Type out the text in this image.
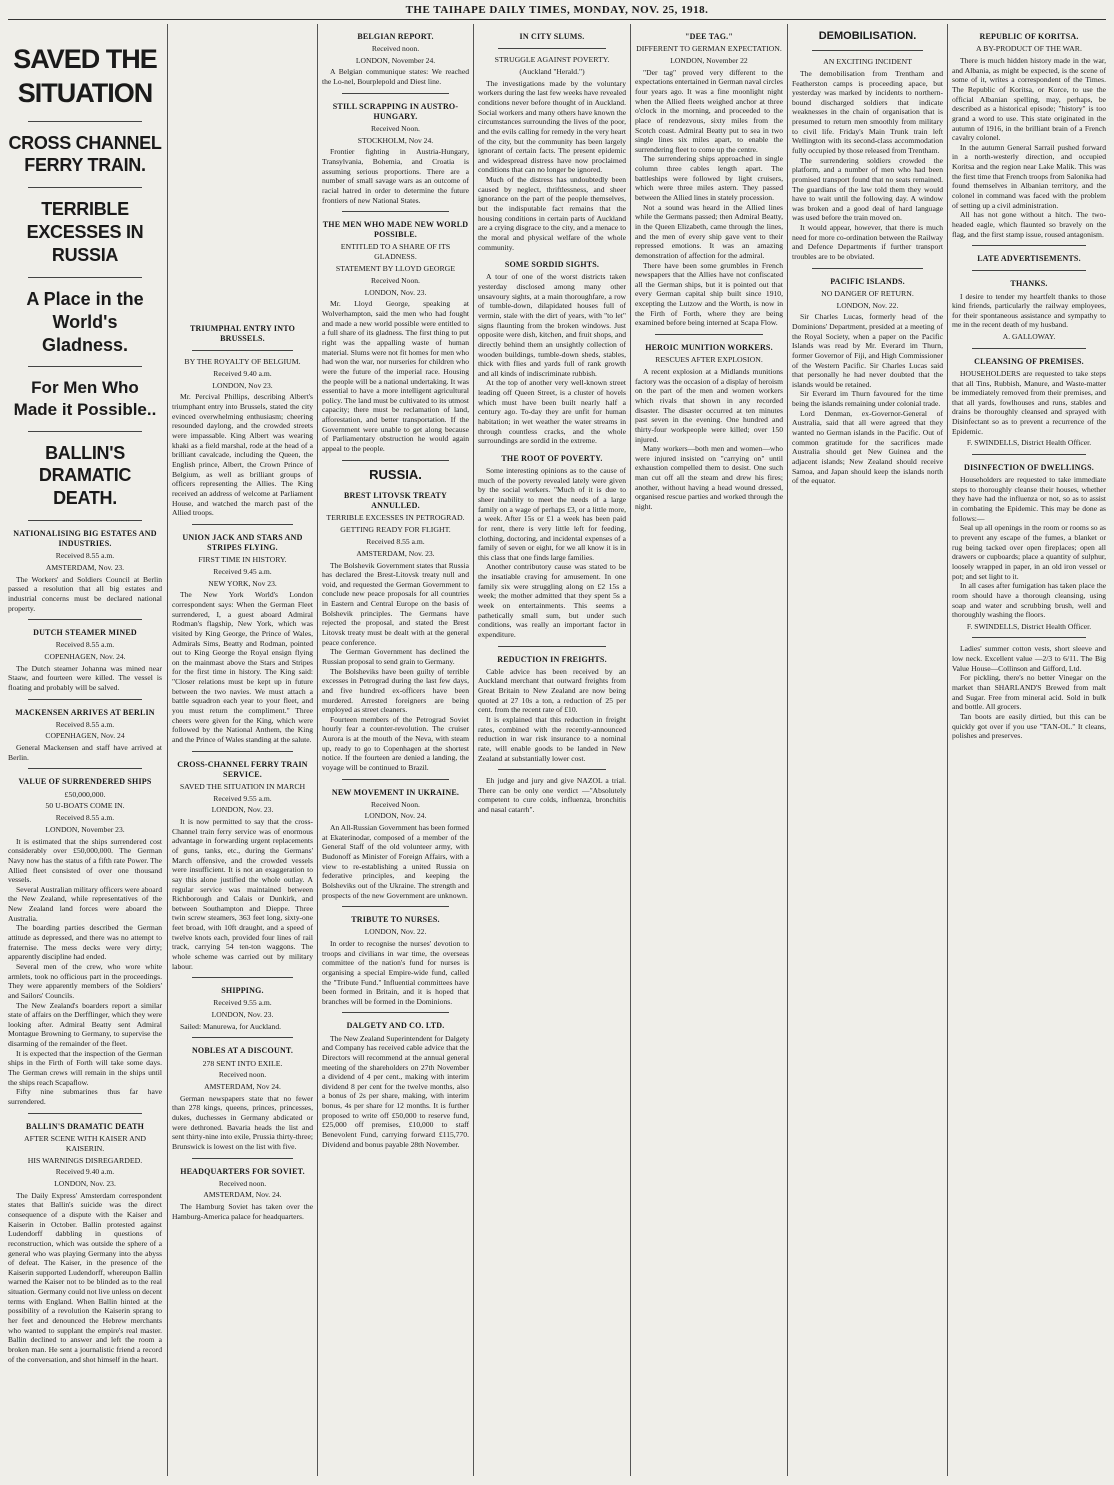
THE TAIHAPE DAILY TIMES, MONDAY, NOV. 25, 1918.
SAVED THE SITUATION
CROSS CHANNEL FERRY TRAIN.
TERRIBLE EXCESSES IN RUSSIA
A Place in the World's Gladness.
For Men Who Made it Possible..
BALLIN'S DRAMATIC DEATH.
NATIONALISING BIG ESTATES AND INDUSTRIES.
Received 8.55 a.m.
AMSTERDAM, Nov. 23.

The Workers' and Soldiers Council at Berlin passed a resolution that all big estates and industrial concerns must be declared national property.

DUTCH STEAMER MINED
Received 8.55 a.m.
COPENHAGEN, Nov. 24.

The Dutch steamer Johanna was mined near Staaw, and fourteen were killed. The vessel is floating and probably will be salved.

MACKENSEN ARRIVES AT BERLIN
Received 8.55 a.m.
COPENHAGEN, Nov. 24

General Mackensen and staff have arrived at Berlin.

VALUE OF SURRENDERED SHIPS
£50,000,000.
50 U-BOATS COME IN.
Received 8.55 a.m.
LONDON, November 23.

It is estimated that the ships surrendered cost considerably over £50,000,000. The German Navy now has the status of a fifth rate Power. The Allied fleet consisted of over one thousand vessels.

Several Australian military officers were aboard the New Zealand, while representatives of the New Zealand land forces were aboard the Australia.

The boarding parties described the German attitude as depressed, and there was no attempt to fraternise. The mess decks were very dirty; apparently discipline had ended.

Several men of the crew, who wore white armlets, took no officious part in the proceedings. They were apparently members of the Soldiers' and Sailors' Councils.

The New Zealand's boarders report a similar state of affairs on the Derfflinger, which they were looking after. Admiral Beatty sent Admiral Montague Browning to Germany, to supervise the disarming of the remainder of the fleet.

It is expected that the inspection of the German ships in the Firth of Forth will take some days. The German crews will remain in the ships until the ships reach Scapaflow.

Fifty nine submarines thus far have surrendered.

BALLIN'S DRAMATIC DEATH
AFTER SCENE WITH KAISER AND KAISERIN.
HIS WARNINGS DISREGARDED.
Received 9.40 a.m.
LONDON, Nov. 23.

The Daily Express' Amsterdam correspondent states that Ballin's suicide was the direct consequence of a dispute with the Kaiser and Kaiserin in October. Ballin protested against Ludendorff dabbling in questions of reconstruction, which was outside the sphere of a general who was playing Germany into the abyss of defeat. The Kaiser, in the presence of the Kaiserin supported Ludendorff, whereupon Ballin warned the Kaiser not to be blinded as to the real situation. Germany could not live unless on decent terms with England. When Ballin hinted at the possibility of a revolution the Kaiserin sprang to her feet and denounced the Hebrew merchants who wanted to supplant the empire's real master. Ballin declined to answer and left the room a broken man. He sent a journalistic friend a record of the conversation, and shot himself in the heart.

TRIUMPHAL ENTRY INTO BRUSSELS.
BY THE ROYALTY OF BELGIUM.
Received 9.40 a.m.
LONDON, Nov 23.

Mr. Percival Phillips, describing Albert's triumphant entry into Brussels, stated the city evinced overwhelming enthusiasm; cheering resounded daylong, and the crowded streets were impassable. King Albert was wearing khaki as a field marshal, rode at the head of a brilliant cavalcade, including the Queen, the English prince, Albert, the Crown Prince of Belgium, as well as brilliant groups of officers representing the Allies. The King received an address of welcome at Parliament House, and watched the march past of the Allied troops.

UNION JACK AND STARS AND STRIPES FLYING.
FIRST TIME IN HISTORY.
Received 9.45 a.m.
NEW YORK, Nov 23.

The New York World's London correspondent says: When the German Fleet surrendered, I, a guest aboard Admiral Rodman's flagship, New York, which was visited by King George, the Prince of Wales, Admirals Sims, Beatty and Rodman, pointed out to King George the Royal ensign flying on the mainmast above the Stars and Stripes for the first time in history. The King said: "Closer relations must be kept up in future between the two navies. We must attach a battle squadron each year to your fleet, and you must return the compliment." Three cheers were given for the King, which were followed by the National Anthem, the King and the Prince of Wales standing at the salute.

CROSS-CHANNEL FERRY TRAIN SERVICE.
SAVED THE SITUATION IN MARCH
Received 9.55 a.m.
LONDON, Nov. 23.

It is now permitted to say that the cross-Channel train ferry service was of enormous advantage in forwarding urgent replacements of guns, tanks, etc., during the Germans' March offensive, and the crowded vessels were insufficient. It is not an exaggeration to say this alone justified the whole outlay. A regular service was maintained between Richborough and Calais or Dunkirk, and between Southampton and Dieppe. Three twin screw steamers, 363 feet long, sixty-one feet broad, with 10ft draught, and a speed of twelve knots each, provided four lines of rail track, carrying 54 ten-ton waggons. The whole scheme was carried out by military labour.

SHIPPING.
Received 9.55 a.m.
LONDON, Nov. 23.

Sailed: Manurewa, for Auckland.

NOBLES AT A DISCOUNT.
278 SENT INTO EXILE.
Received noon.
AMSTERDAM, Nov 24.

German newspapers state that no fewer than 278 kings, queens, princes, princesses, dukes, duchesses in Germany abdicated or were dethroned. Bavaria heads the list and sent thirty-nine into exile, Prussia thirty-three; Brunswick is lowest on the list with five.

HEADQUARTERS FOR SOVIET.
Received noon.
AMSTERDAM, Nov. 24.

The Hamburg Soviet has taken over the Hamburg-America palace for headquarters.

BELGIAN REPORT.
Received noon.
LONDON, November 24.

A Belgian communique states: We reached the Lo-nel, Bourplepold and Diest line.

STILL SCRAPPING IN AUSTRO-HUNGARY.
Received Noon.
STOCKHOLM, Nov 24.

Frontier fighting in Austria-Hungary, Transylvania, Bohemia, and Croatia is assuming serious proportions. There are a number of small savage wars as an outcome of racial hatred in order to determine the future frontiers of new National States.

THE MEN WHO MADE NEW WORLD POSSIBLE.
ENTITLED TO A SHARE OF ITS GLADNESS.
STATEMENT BY LLOYD GEORGE
Received Noon.
LONDON, Nov. 23.

Mr. Lloyd George, speaking at Wolverhampton, said the men who had fought and made a new world possible were entitled to a full share of its gladness. The first thing to put right was the appalling waste of human material. Slums were not fit homes for men who had won the war, nor nurseries for children who were the future of the imperial race. Housing the people will be a national undertaking. It was essential to have a more intelligent agricultural policy. The land must be cultivated to its utmost capacity; there must be reclamation of land, afforestation, and better transportation. If the Government were unable to get along because of Parliamentary obstruction he would again appeal to the people.

RUSSIA.
BREST LITOVSK TREATY ANNULLED.
TERRIBLE EXCESSES IN PETROGRAD.
GETTING READY FOR FLIGHT.
Received 8.55 a.m.
AMSTERDAM, Nov. 23.

The Bolshevik Government states that Russia has declared the Brest-Litovsk treaty null and void, and requested the German Government to conclude new peace proposals for all countries in Eastern and Central Europe on the basis of Bolshevik principles. The Germans have rejected the proposal, and stated the Brest Litovsk treaty must be dealt with at the general peace conference.

The German Government has declined the Russian proposal to send grain to Germany.

The Bolsheviks have been guilty of terrible excesses in Petrograd during the last few days, and five hundred ex-officers have been murdered. Arrested foreigners are being employed as street cleaners.

Fourteen members of the Petrograd Soviet hourly fear a counter-revolution. The cruiser Aurora is at the mouth of the Neva, with steam up, ready to go to Copenhagen at the shortest notice. If the fourteen are denied a landing, the voyage will be continued to Brazil.

NEW MOVEMENT IN UKRAINE.
Received Noon.
LONDON, Nov. 24.

An All-Russian Government has been formed at Ekaterinodar, composed of a member of the General Staff of the old volunteer army, with Budonoff as Minister of Foreign Affairs, with a view to re-establishing a united Russia on federative principles, and keeping the Bolsheviks out of the Ukraine. The strength and prospects of the new Government are unknown.

TRIBUTE TO NURSES.
LONDON, Nov. 22.

In order to recognise the nurses' devotion to troops and civilians in war time, the overseas committee of the nation's fund for nurses is organising a special Empire-wide fund, called the "Tribute Fund." Influential committees have been formed in Britain, and it is hoped that branches will be formed in the Dominions.

DALGETY AND CO. LTD.

The New Zealand Superintendent for Dalgety and Company has received cable advice that the Directors will recommend at the annual general meeting of the shareholders on 27th November a dividend of 4 per cent., making with interim dividend 8 per cent for the twelve months, also a bonus of 2s per share, making, with interim bonus, 4s per share for 12 months. It is further proposed to write off £50,000 to reserve fund, £25,000 off premises, £10,000 to staff Benevolent Fund, carrying forward £115,770. Dividend and bonus payable 28th November.

IN CITY SLUMS.
STRUGGLE AGAINST POVERTY.
(Auckland "Herald.")

The investigations made by the voluntary workers during the last few weeks have revealed conditions never before thought of in Auckland. Social workers and many others have known the circumstances surrounding the lives of the poor, and the evils calling for remedy in the very heart of the city, but the community has been largely ignorant of certain facts. The present epidemic and widespread distress have now proclaimed conditions that can no longer be ignored.

Much of the distress has undoubtedly been caused by neglect, thriftlessness, and sheer ignorance on the part of the people themselves, but the indisputable fact remains that the housing conditions in certain parts of Auckland are a crying disgrace to the city, and a menace to the moral and physical welfare of the whole community.

SOME SORDID SIGHTS.

A tour of one of the worst districts taken yesterday disclosed among many other unsavoury sights, at a main thoroughfare, a row of tumble-down, dilapidated houses full of vermin, stale with the dirt of years, with "to let" signs flaunting from the broken windows. Just opposite were dish, kitchen, and fruit shops, and directly behind them an unsightly collection of wooden buildings, tumble-down sheds, stables, thick with flies and yards full of rank growth and all kinds of indiscriminate rubbish.

At the top of another very well-known street leading off Queen Street, is a cluster of hovels which must have been built nearly half a century ago. To-day they are unfit for human habitation; in wet weather the water streams in through countless cracks, and the whole surroundings are sordid in the extreme.

THE ROOT OF POVERTY.

Some interesting opinions as to the cause of much of the poverty revealed lately were given by the social workers. "Much of it is due to sheer inability to meet the needs of a large family on a wage of perhaps £3, or a little more, a week. After 15s or £1 a week has been paid for rent, there is very little left for feeding, clothing, doctoring, and incidental expenses of a family of seven or eight, for we all know it is in this class that one finds large families.

Another contributory cause was stated to be the insatiable craving for amusement. In one family six were struggling along on £2 15s a week; the mother admitted that they spent 5s a week on entertainments. This seems a pathetically small sum, but under such conditions, was really an important factor in expenditure.

REDUCTION IN FREIGHTS.

Cable advice has been received by an Auckland merchant that outward freights from Great Britain to New Zealand are now being quoted at 27 10s a ton, a reduction of 25 per cent. from the recent rate of £10.

It is explained that this reduction in freight rates, combined with the recently-announced reduction in war risk insurance to a nominal rate, will enable goods to be landed in New Zealand at substantially lower cost.

Eh judge and jury and give NAZOL a trial. There can be only one verdict —"Absolutely competent to cure colds, influenza, bronchitis and nasal catarrh".

"DEE TAG."
DIFFERENT TO GERMAN EXPECTATION.
LONDON, November 22

"Der tag" proved very different to the expectations entertained in German naval circles four years ago. It was a fine moonlight night when the Allied fleets weighed anchor at three o'clock in the morning, and proceeded to the place of rendezvous, sixty miles from the Scotch coast. Admiral Beatty put to sea in two single lines six miles apart, to enable the surrendering fleet to come up the centre.

The surrendering ships approached in single column three cables length apart. The battleships were followed by light cruisers, which were three miles astern. They passed between the Allied lines in stately procession.

Not a sound was heard in the Allied lines while the Germans passed; then Admiral Beatty, in the Queen Elizabeth, came through the lines, and the men of every ship gave vent to their repressed emotions. It was an amazing demonstration of affection for the admiral.

There have been some grumbles in French newspapers that the Allies have not confiscated all the German ships, but it is pointed out that every German capital ship built since 1910, excepting the Lutzow and the Worth, is now in the Firth of Forth, where they are being examined before being interned at Scapa Flow.

HEROIC MUNITION WORKERS.
RESCUES AFTER EXPLOSION.

A recent explosion at a Midlands munitions factory was the occasion of a display of heroism on the part of the men and women workers which rivals that shown in any recorded disaster. The disaster occurred at ten minutes past seven in the evening. One hundred and thirty-four workpeople were killed; over 150 injured.

Many workers—both men and women—who were injured insisted on "carrying on" until exhaustion compelled them to desist. One such man cut off all the steam and drew his fires; another, without having a head wound dressed, organised rescue parties and worked through the night.

DEMOBILISATION.
AN EXCITING INCIDENT

The demobilisation from Trentham and Featherston camps is proceeding apace, but yesterday was marked by incidents to northern-bound discharged soldiers that indicate weaknesses in the chain of organisation that is presumed to return men smoothly from military to civil life. Friday's Main Trunk train left Wellington with its second-class accommodation fully occupied by those released from Trentham.

The surrendering soldiers crowded the platform, and a number of men who had been promised transport found that no seats remained. The guardians of the law told them they would have to wait until the following day. A window was broken and a good deal of hard language was used before the train moved on.

It would appear, however, that there is much need for more co-ordination between the Railway and Defence Departments if further transport troubles are to be obviated.

PACIFIC ISLANDS.
NO DANGER OF RETURN.
LONDON, Nov. 22.

Sir Charles Lucas, formerly head of the Dominions' Department, presided at a meeting of the Royal Society, when a paper on the Pacific Islands was read by Mr. Everard im Thurn, former Governor of Fiji, and High Commissioner of the Western Pacific. Sir Charles Lucas said that personally he had never doubted that the islands would be retained.

Sir Everard im Thurn favoured for the time being the islands remaining under colonial trade.

Lord Denman, ex-Governor-General of Australia, said that all were agreed that they wanted no German islands in the Pacific. Out of common gratitude for the sacrifices made Australia should get New Guinea and the adjacent islands; New Zealand should receive Samoa, and Japan should keep the islands north of the equator.

REPUBLIC OF KORITSA.
A BY-PRODUCT OF THE WAR.

There is much hidden history made in the war, and Albania, as might be expected, is the scene of some of it, writes a correspondent of the Times. The Republic of Koritsa, or Korce, to use the official Albanian spelling, may, perhaps, be described as a historical episode; "history" is too grand a word to use. This state originated in the autumn of 1916, in the brilliant brain of a French cavalry colonel.

In the autumn General Sarrail pushed forward in a north-westerly direction, and occupied Koritsa and the region near Lake Malik. This was the first time that French troops from Salonika had found themselves in Albanian territory, and the colonel in command was faced with the problem of setting up a civil administration.

All has not gone without a hitch. The two-headed eagle, which flaunted so bravely on the flag, and the first stamp issue, roused antagonism.

LATE ADVERTISEMENTS.
THANKS.

I desire to tender my heartfelt thanks to those kind friends, particularly the railway employees, for their spontaneous assistance and sympathy to me in the recent death of my husband.

A. GALLOWAY.
CLEANSING OF PREMISES.

HOUSEHOLDERS are requested to take steps that all Tins, Rubbish, Manure, and Waste-matter be immediately removed from their premises, and that all yards, fowlhouses and runs, stables and drains be thoroughly cleansed and sprayed with Disinfectant so as to prevent a recurrence of the Epidemic.

F. SWINDELLS, District Health Officer.
DISINFECTION OF DWELLINGS.

Householders are requested to take immediate steps to thoroughly cleanse their houses, whether they have had the influenza or not, so as to assist in combating the Epidemic. This may be done as follows:—

Seal up all openings in the room or rooms so as to prevent any escape of the fumes, a blanket or rug being tacked over open fireplaces; open all drawers or cupboards; place a quantity of sulphur, loosely wrapped in paper, in an old iron vessel or pot; and set light to it.

In all cases after fumigation has taken place the room should have a thorough cleansing, using soap and water and scrubbing brush, well and thoroughly washing the floors.

F. SWINDELLS, District Health Officer.

Ladies' summer cotton vests, short sleeve and low neck. Excellent value —2/3 to 6/11. The Big Value House—Collinson and Gifford, Ltd.

For pickling, there's no better Vinegar on the market than SHARLAND'S Brewed from malt and Sugar. Free from mineral acid. Sold in bulk and bottle. All grocers.

Tan boots are easily dirtied, but this can be quickly got over if you use "TAN-OL." It cleans, polishes and preserves.
